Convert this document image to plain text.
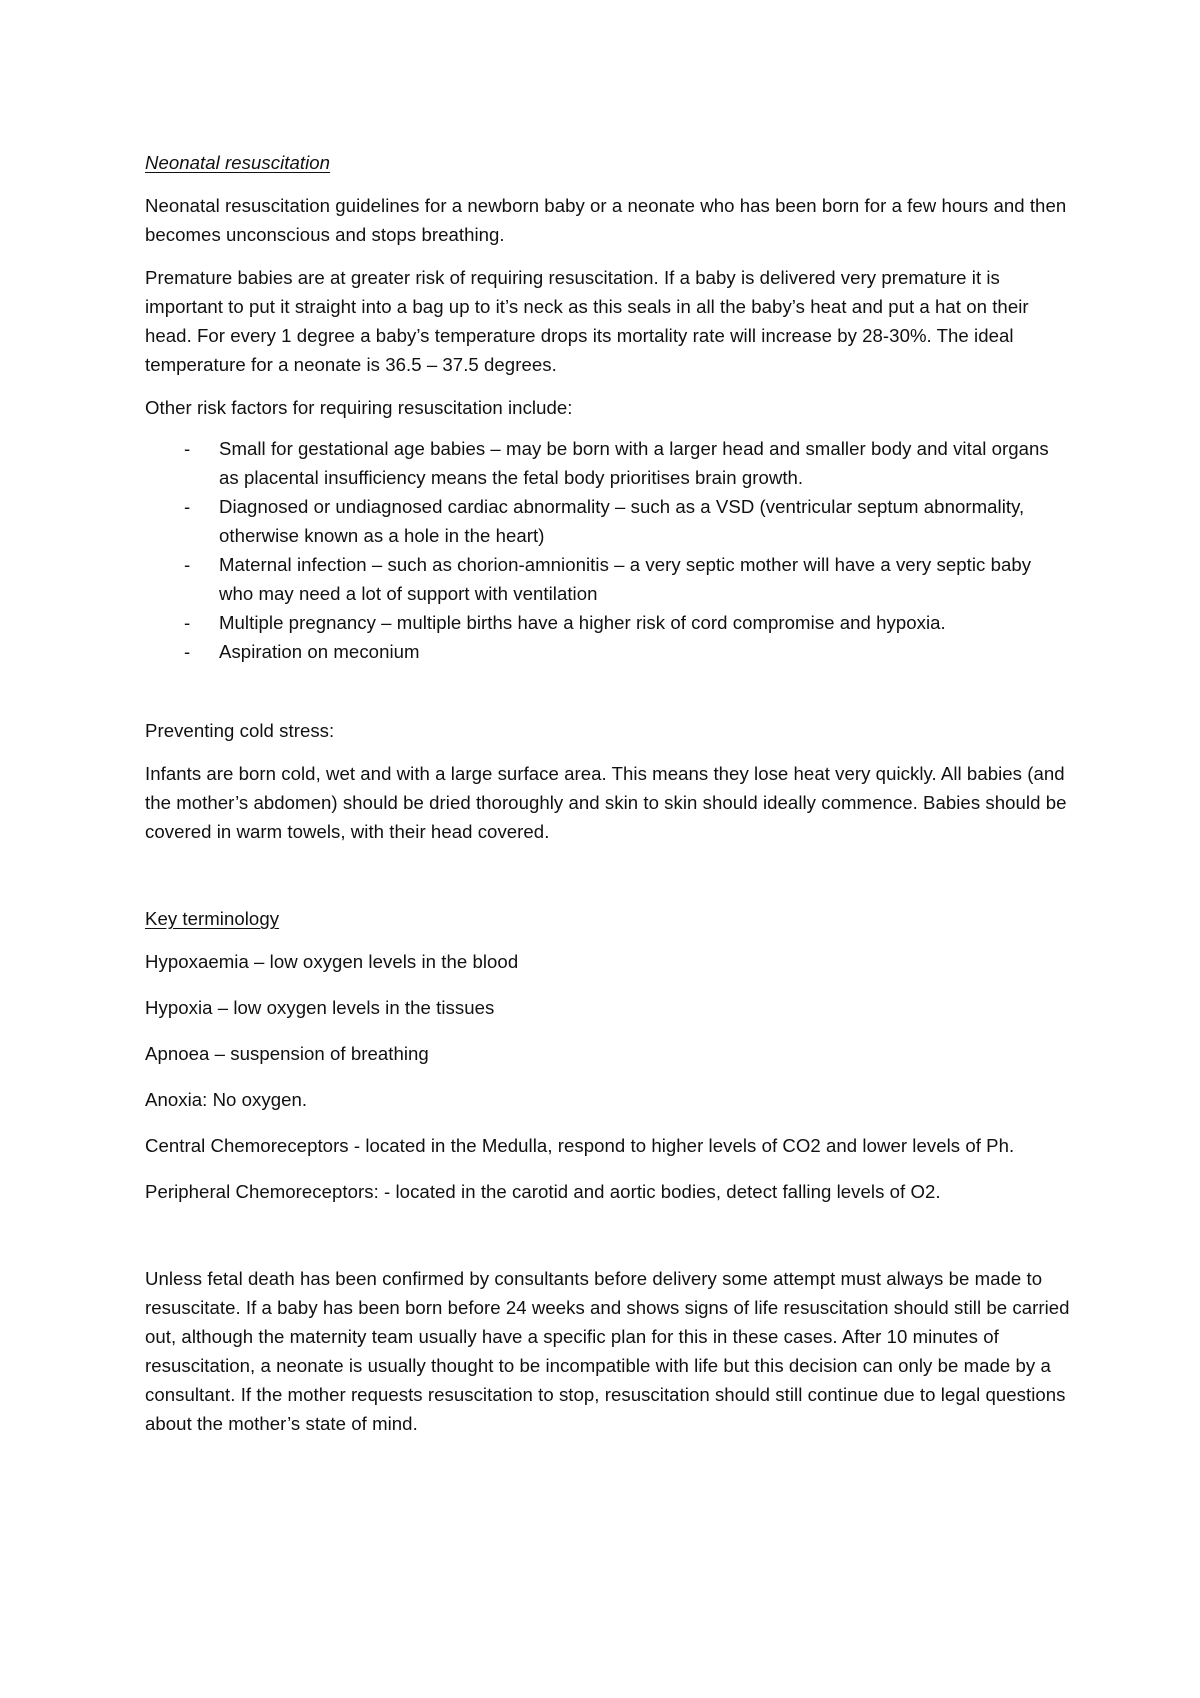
Neonatal resuscitation

Neonatal resuscitation guidelines for a newborn baby or a neonate who has been born for a few hours and then becomes unconscious and stops breathing.

Premature babies are at greater risk of requiring resuscitation. If a baby is delivered very premature it is important to put it straight into a bag up to it’s neck as this seals in all the baby’s heat and put a hat on their head. For every 1 degree a baby’s temperature drops its mortality rate will increase by 28-30%. The ideal temperature for a neonate is 36.5 – 37.5 degrees.

Other risk factors for requiring resuscitation include:

- Small for gestational age babies – may be born with a larger head and smaller body and vital organs as placental insufficiency means the fetal body prioritises brain growth.
- Diagnosed or undiagnosed cardiac abnormality – such as a VSD (ventricular septum abnormality, otherwise known as a hole in the heart)
- Maternal infection – such as chorion-amnionitis – a very septic mother will have a very septic baby who may need a lot of support with ventilation
- Multiple pregnancy – multiple births have a higher risk of cord compromise and hypoxia.
- Aspiration on meconium

Preventing cold stress:

Infants are born cold, wet and with a large surface area. This means they lose heat very quickly. All babies (and the mother’s abdomen) should be dried thoroughly and skin to skin should ideally commence. Babies should be covered in warm towels, with their head covered.

Key terminology

Hypoxaemia – low oxygen levels in the blood

Hypoxia – low oxygen levels in the tissues

Apnoea – suspension of breathing

Anoxia: No oxygen.

Central Chemoreceptors - located in the Medulla, respond to higher levels of CO2 and lower levels of Ph.

Peripheral Chemoreceptors: - located in the carotid and aortic bodies, detect falling levels of O2.

Unless fetal death has been confirmed by consultants before delivery some attempt must always be made to resuscitate. If a baby has been born before 24 weeks and shows signs of life resuscitation should still be carried out, although the maternity team usually have a specific plan for this in these cases. After 10 minutes of resuscitation, a neonate is usually thought to be incompatible with life but this decision can only be made by a consultant. If the mother requests resuscitation to stop, resuscitation should still continue due to legal questions about the mother’s state of mind.
